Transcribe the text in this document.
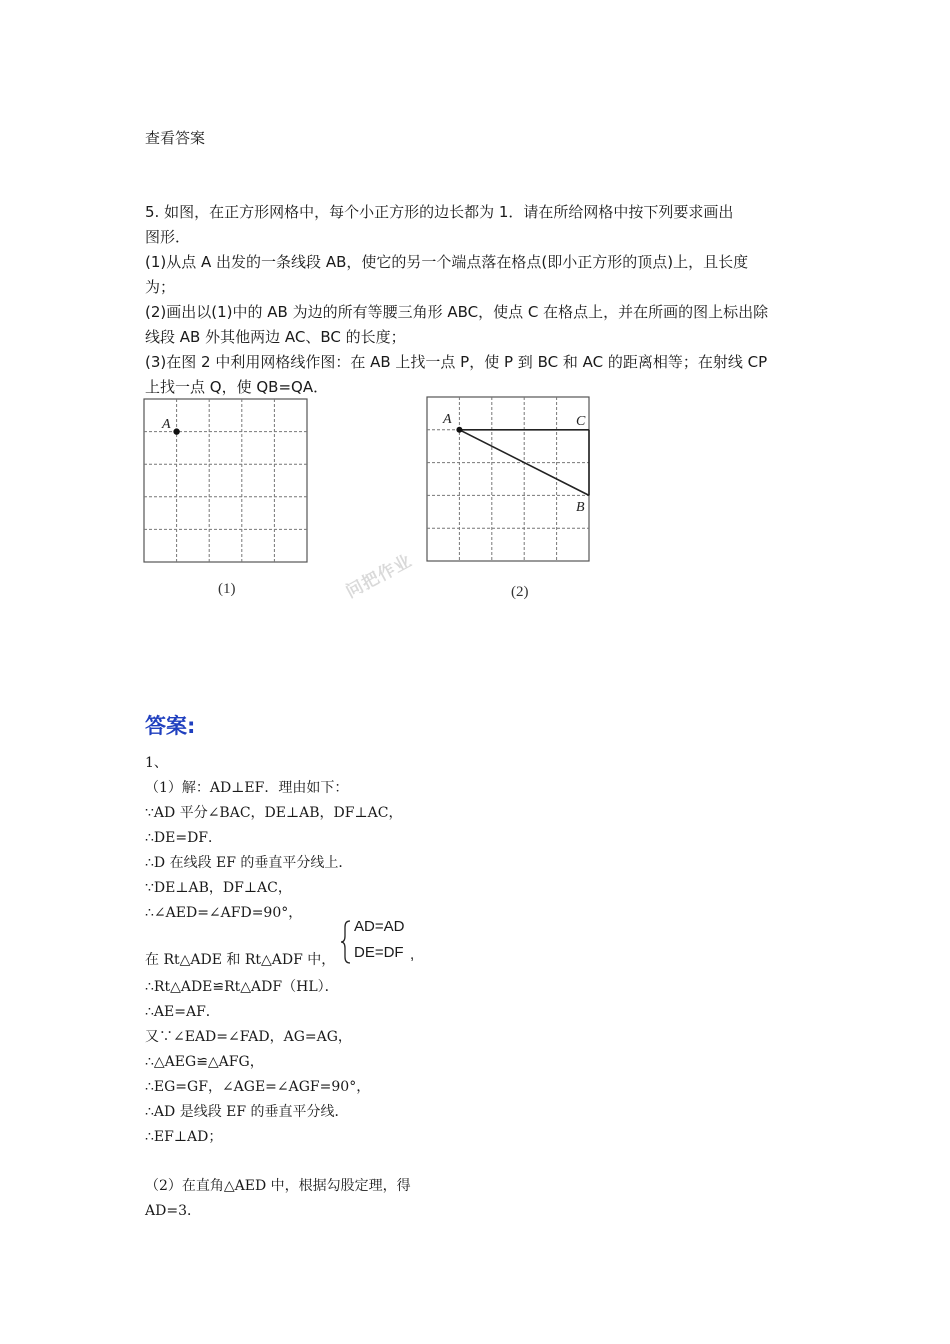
查看答案
5. 如图，在正方形网格中，每个小正方形的边长都为 1．请在所给网格中按下列要求画出
图形．
(1)从点 A 出发的一条线段 AB，使它的另一个端点落在格点(即小正方形的顶点)上，且长度
为；
(2)画出以(1)中的 AB 为边的所有等腰三角形 ABC，使点 C 在格点上，并在所画的图上标出除
线段 AB 外其他两边 AC、BC 的长度；
(3)在图 2 中利用网格线作图：在 AB 上找一点 P，使 P 到 BC 和 AC 的距离相等；在射线 CP
上找一点 Q，使 QB=QA．
A
(1)	问把作业
A	C
B
(2)
答案:
1、
（1）解：AD⊥EF．理由如下：
∵AD 平分∠BAC，DE⊥AB，DF⊥AC，
∴DE=DF．
∴D 在线段 EF 的垂直平分线上．
∵DE⊥AB，DF⊥AC，
∴∠AED=∠AFD=90°，
在 Rt△ADE 和 Rt△ADF 中，
∴Rt△ADE≌Rt△ADF（HL）．
∴AE=AF．
又∵∠EAD=∠FAD，AG=AG，
∴△AEG≌△AFG，
∴EG=GF，∠AGE=∠AGF=90°，
∴AD 是线段 EF 的垂直平分线．
∴EF⊥AD；
（2）在直角△AED 中，根据勾股定理，得
AD=3．
AD=AD
DE=DF ,
